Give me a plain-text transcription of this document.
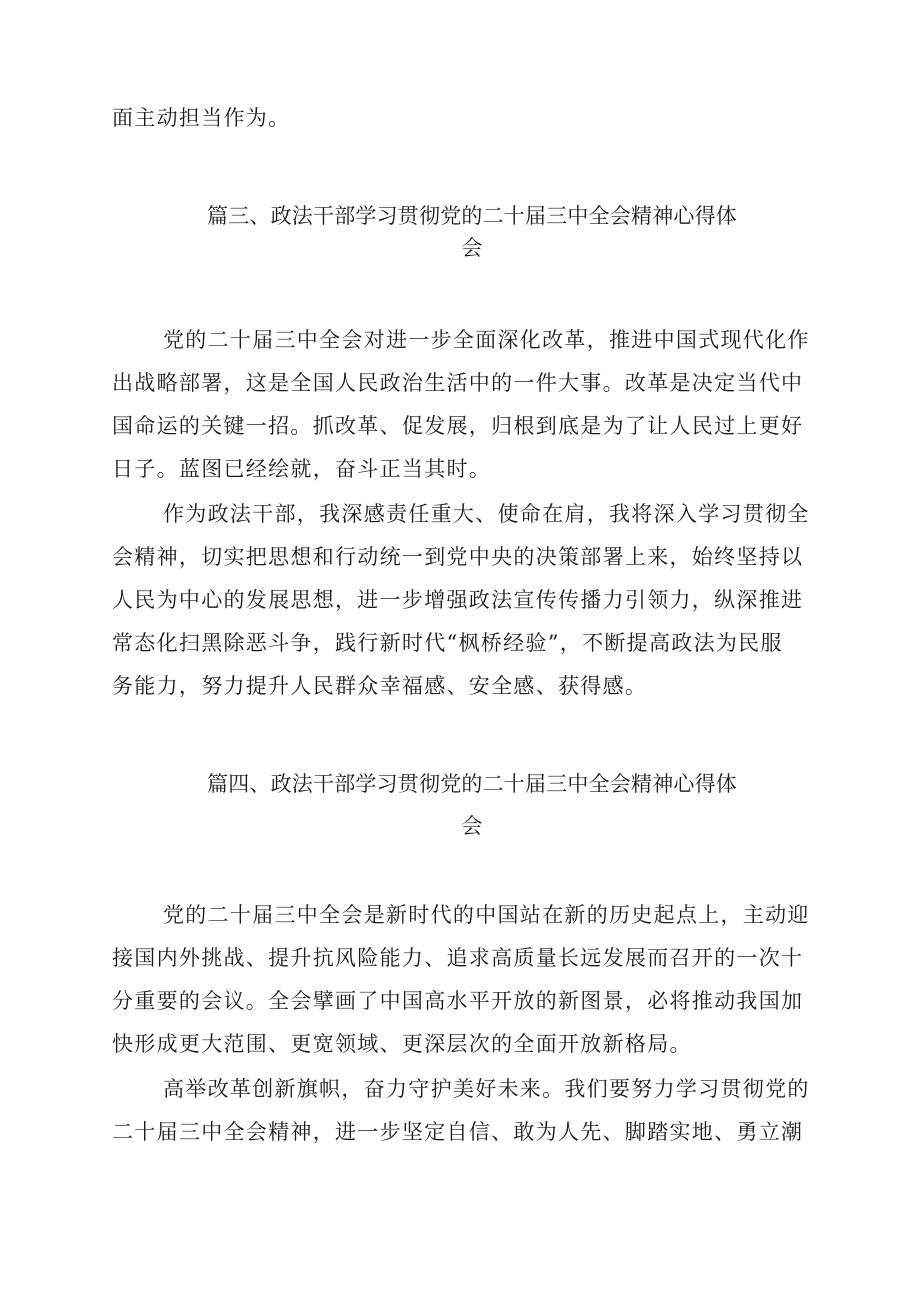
面主动担当作为。
篇三、政法干部学习贯彻党的二十届三中全会精神心得体
会
党的二十届三中全会对进一步全面深化改革，推进中国式现代化作
出战略部署，这是全国人民政治生活中的一件大事。改革是决定当代中
国命运的关键一招。抓改革、促发展，归根到底是为了让人民过上更好
日子。蓝图已经绘就，奋斗正当其时。
作为政法干部，我深感责任重大、使命在肩，我将深入学习贯彻全
会精神，切实把思想和行动统一到党中央的决策部署上来，始终坚持以
人民为中心的发展思想，进一步增强政法宣传传播力引领力，纵深推进
常态化扫黑除恶斗争，践行新时代“枫桥经验”，不断提高政法为民服
务能力，努力提升人民群众幸福感、安全感、获得感。
篇四、政法干部学习贯彻党的二十届三中全会精神心得体
会
党的二十届三中全会是新时代的中国站在新的历史起点上，主动迎
接国内外挑战、提升抗风险能力、追求高质量长远发展而召开的一次十
分重要的会议。全会擘画了中国高水平开放的新图景，必将推动我国加
快形成更大范围、更宽领域、更深层次的全面开放新格局。
高举改革创新旗帜，奋力守护美好未来。我们要努力学习贯彻党的
二十届三中全会精神，进一步坚定自信、敢为人先、脚踏实地、勇立潮
